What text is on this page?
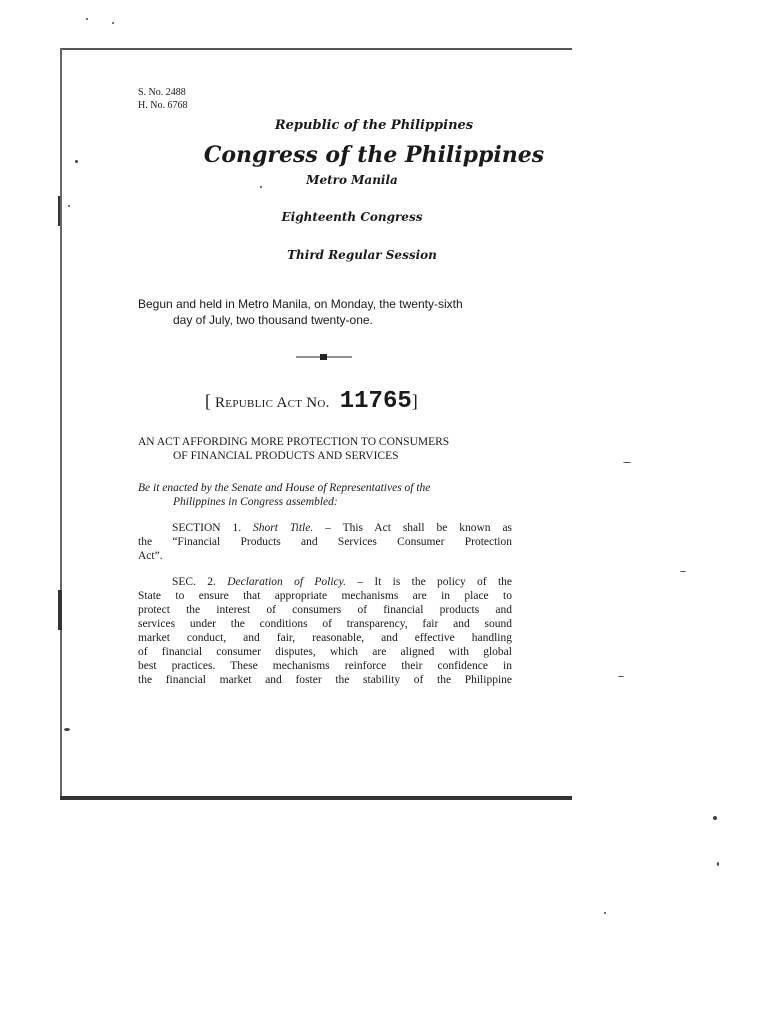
S. No. 2488
H. No. 6768
Republic of the Philippines
Congress of the Philippines
Metro Manila
Eighteenth Congress
Third Regular Session
Begun and held in Metro Manila, on Monday, the twenty-sixth
day of July, two thousand twenty-one.
[ Republic Act No. 11765]
AN ACT AFFORDING MORE PROTECTION TO CONSUMERS
OF FINANCIAL PRODUCTS AND SERVICES
Be it enacted by the Senate and House of Representatives of the
Philippines in Congress assembled:
SECTION 1. Short Title. – This Act shall be known as
the “Financial Products and Services Consumer Protection
Act”.
SEC. 2. Declaration of Policy. – It is the policy of the
State to ensure that appropriate mechanisms are in place to
protect the interest of consumers of financial products and
services under the conditions of transparency, fair and sound
market conduct, and fair, reasonable, and effective handling
of financial consumer disputes, which are aligned with global
best practices. These mechanisms reinforce their confidence in
the financial market and foster the stability of the Philippine
